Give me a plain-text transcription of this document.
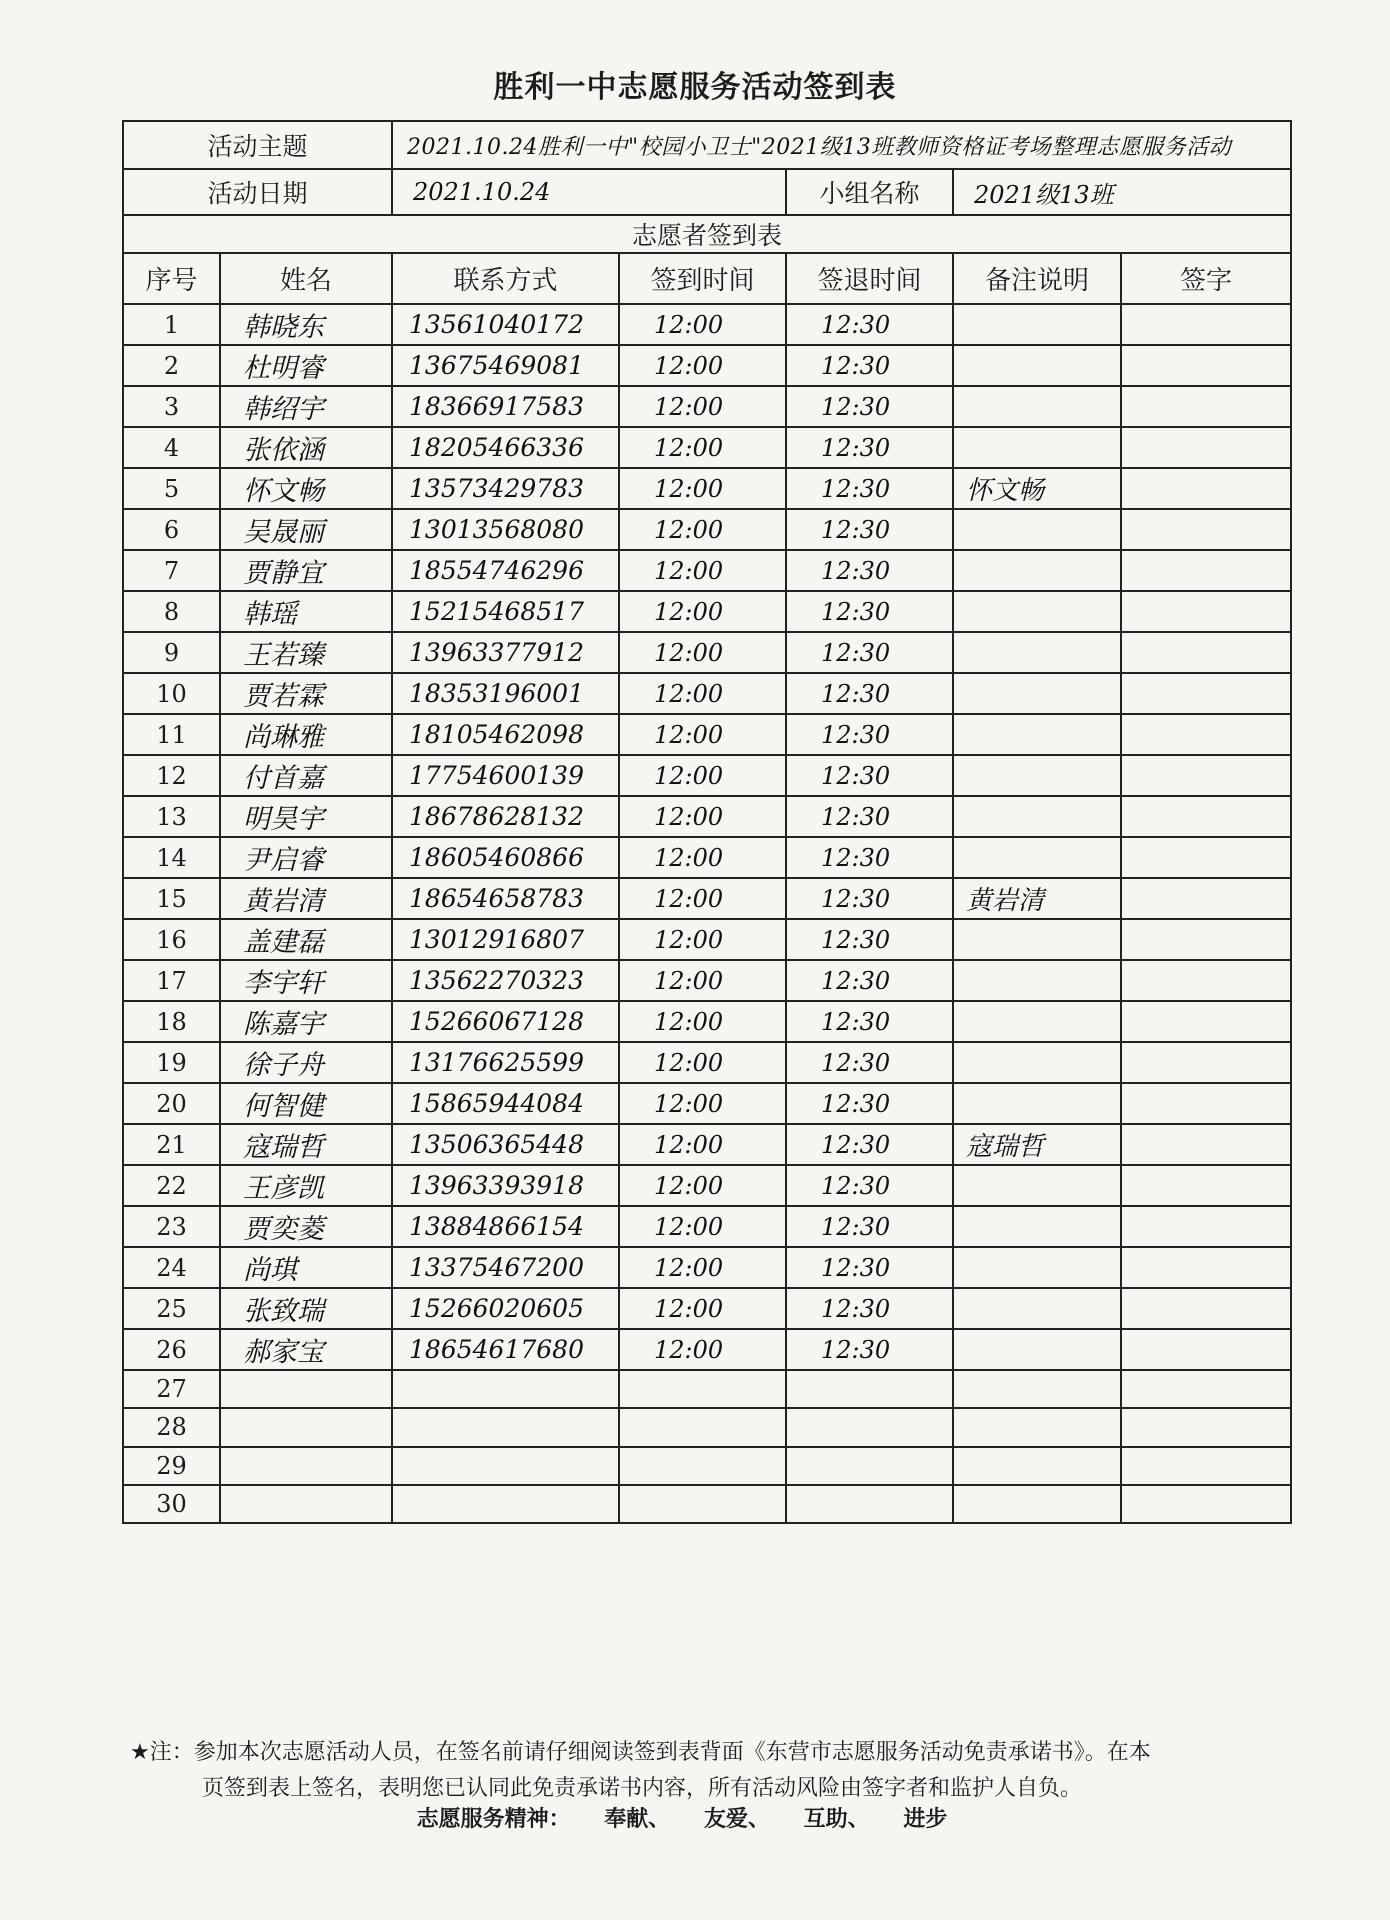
胜利一中志愿服务活动签到表
活动主题		2021.10.24胜利一中"校园小卫士"2021级13班教师资格证考场整理志愿服务活动				
活动日期		2021.10.24		小组名称	2021级13班	
志愿者签到表						
序号	姓名	联系方式	签到时间	签退时间	备注说明	签字
1	韩晓东	13561040172	12:00	12:30		
2	杜明睿	13675469081	12:00	12:30		
3	韩绍宇	18366917583	12:00	12:30		
4	张依涵	18205466336	12:00	12:30		
5	怀文畅	13573429783	12:00	12:30	怀文畅	
6	吴晟丽	13013568080	12:00	12:30		
7	贾静宜	18554746296	12:00	12:30		
8	韩瑶	15215468517	12:00	12:30		
9	王若臻	13963377912	12:00	12:30		
10	贾若霖	18353196001	12:00	12:30		
11	尚琳雅	18105462098	12:00	12:30		
12	付首嘉	17754600139	12:00	12:30		
13	明昊宇	18678628132	12:00	12:30		
14	尹启睿	18605460866	12:00	12:30		
15	黄岩清	18654658783	12:00	12:30	黄岩清	
16	盖建磊	13012916807	12:00	12:30		
17	李宇轩	13562270323	12:00	12:30		
18	陈嘉宇	15266067128	12:00	12:30		
19	徐子舟	13176625599	12:00	12:30		
20	何智健	15865944084	12:00	12:30		
21	寇瑞哲	13506365448	12:00	12:30	寇瑞哲	
22	王彦凯	13963393918	12:00	12:30		
23	贾奕菱	13884866154	12:00	12:30		
24	尚琪	13375467200	12:00	12:30		
25	张致瑞	15266020605	12:00	12:30		
26	郝家宝	18654617680	12:00	12:30		
27						
28						
29						
30						
★注：参加本次志愿活动人员，在签名前请仔细阅读签到表背面《东营市志愿服务活动免责承诺书》。在本
页签到表上签名，表明您已认同此免责承诺书内容，所有活动风险由签字者和监护人自负。
志愿服务精神： 奉献、 友爱、 互助、 进步
